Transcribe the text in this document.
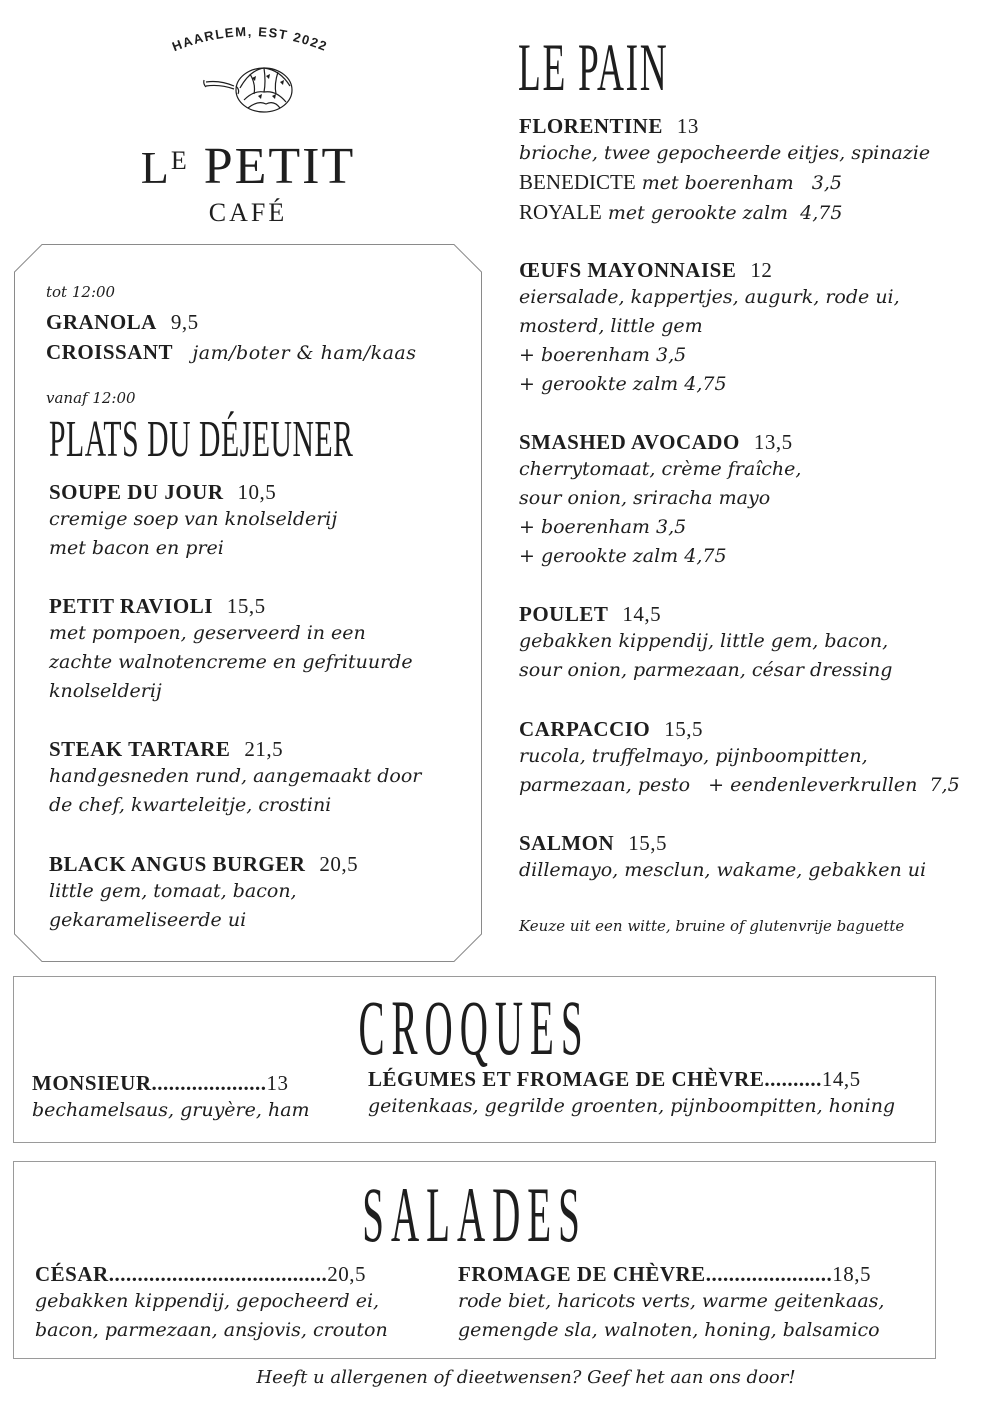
HAARLEM, EST 2022
$L^E$ PETIT
CAFÉ
tot 12:00
GRANOLA 9,5
CROISSANT jam/boter & ham/kaas
vanaf 12:00
PLATS DU DÉJEUNER
SOUPE DU JOUR 10,5
cremige soep van knolselderij
met bacon en prei
PETIT RAVIOLI 15,5
met pompoen, geserveerd in een
zachte walnotencreme en gefrituurde
knolselderij
STEAK TARTARE 21,5
handgesneden rund, aangemaakt door
de chef, kwarteleitje, crostini
BLACK ANGUS BURGER 20,5
little gem, tomaat, bacon,
gekarameliseerde ui
LE PAIN
FLORENTINE 13
brioche, twee gepocheerde eitjes, spinazie
BENEDICTE met boerenham 3,5
ROYALE met gerookte zalm 4,75
ŒUFS MAYONNAISE 12
eiersalade, kappertjes, augurk, rode ui,
mosterd, little gem
+ boerenham 3,5
+ gerookte zalm 4,75
SMASHED AVOCADO 13,5
cherrytomaat, crème fraîche,
sour onion, sriracha mayo
+ boerenham 3,5
+ gerookte zalm 4,75
POULET 14,5
gebakken kippendij, little gem, bacon,
sour onion, parmezaan, césar dressing
CARPACCIO 15,5
rucola, truffelmayo, pijnboompitten,
parmezaan, pesto + eendenleverkrullen 7,5
SALMON 15,5
dillemayo, mesclun, wakame, gebakken ui
Keuze uit een witte, bruine of glutenvrije baguette
CROQUES
MONSIEUR....................13
bechamelsaus, gruyère, ham
LÉGUMES ET FROMAGE DE CHÈVRE..........14,5
geitenkaas, gegrilde groenten, pijnboompitten, honing
SALADES
CÉSAR......................................20,5
gebakken kippendij, gepocheerd ei,
bacon, parmezaan, ansjovis, crouton
FROMAGE DE CHÈVRE......................18,5
rode biet, haricots verts, warme geitenkaas,
gemengde sla, walnoten, honing, balsamico
Heeft u allergenen of dieetwensen? Geef het aan ons door!
